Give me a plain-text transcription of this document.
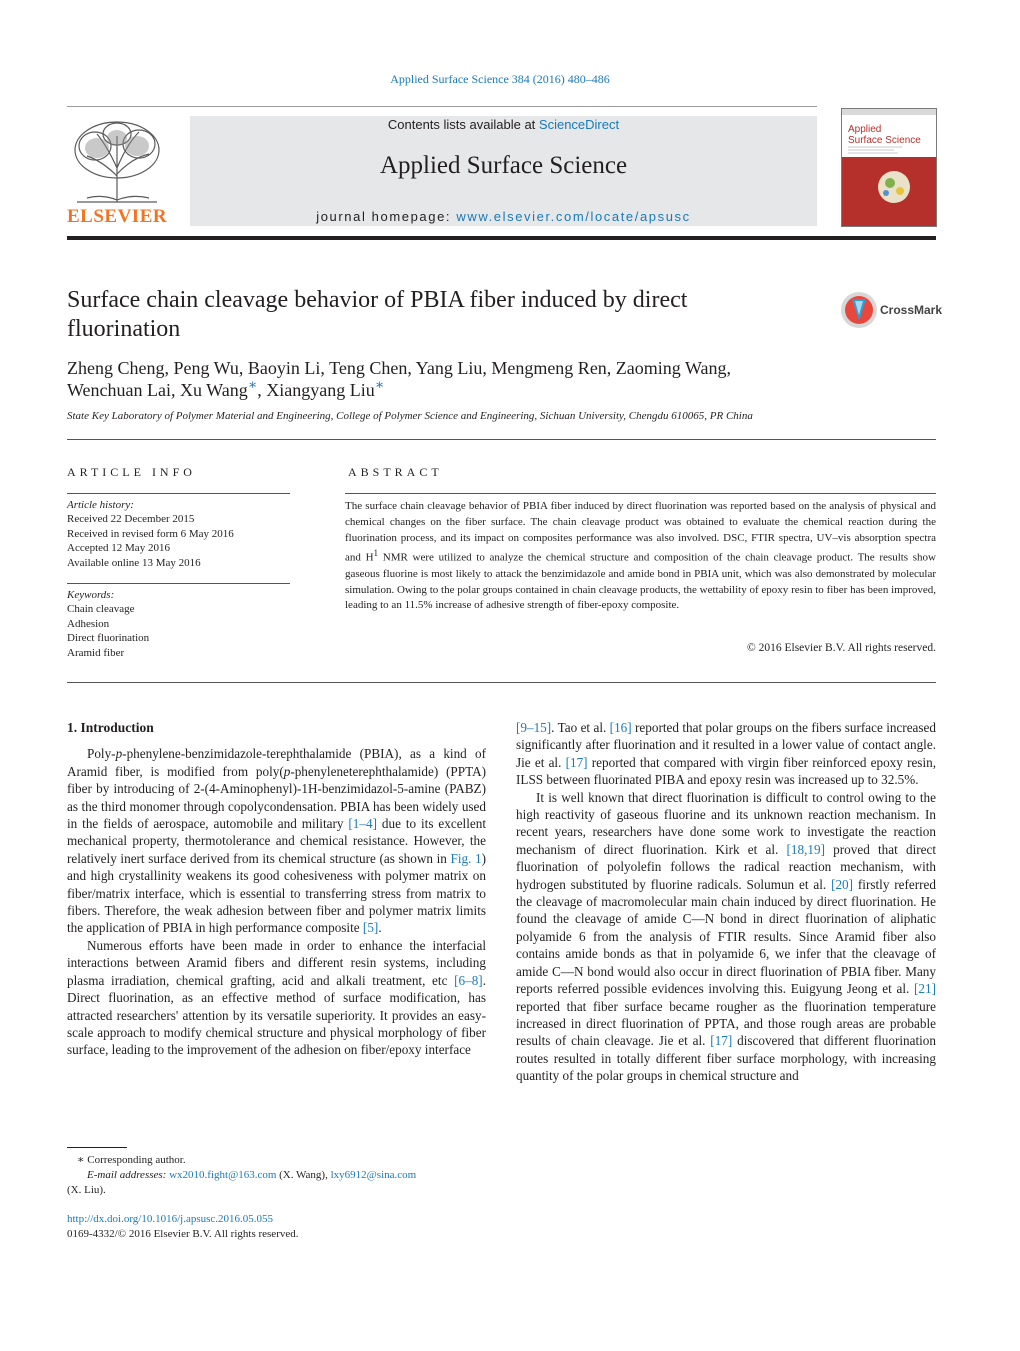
Applied Surface Science 384 (2016) 480–486
ELSEVIER
Contents lists available at ScienceDirect
Applied Surface Science
journal homepage: www.elsevier.com/locate/apsusc
Applied
Surface Science
Surface chain cleavage behavior of PBIA fiber induced by direct fluorination
CrossMark
Zheng Cheng, Peng Wu, Baoyin Li, Teng Chen, Yang Liu, Mengmeng Ren, Zaoming Wang,
Wenchuan Lai, Xu Wang∗, Xiangyang Liu∗
State Key Laboratory of Polymer Material and Engineering, College of Polymer Science and Engineering, Sichuan University, Chengdu 610065, PR China
ARTICLE INFO	ABSTRACT
Article history:
Received 22 December 2015
Received in revised form 6 May 2016
Accepted 12 May 2016
Available online 13 May 2016
Keywords:
Chain cleavage
Adhesion
Direct fluorination
Aramid fiber
The surface chain cleavage behavior of PBIA fiber induced by direct fluorination was reported based on the analysis of physical and chemical changes on the fiber surface. The chain cleavage product was obtained to evaluate the chemical reaction during the fluorination process, and its impact on composites performance was also involved. DSC, FTIR spectra, UV–vis absorption spectra and $H^1$ NMR were utilized to analyze the chemical structure and composition of the chain cleavage product. The results show gaseous fluorine is most likely to attack the benzimidazole and amide bond in PBIA unit, which was also demonstrated by molecular simulation. Owing to the polar groups contained in chain cleavage products, the wettability of epoxy resin to fiber has been improved, leading to an 11.5% increase of adhesive strength of fiber-epoxy composite.
© 2016 Elsevier B.V. All rights reserved.
1. Introduction

Poly-p-phenylene-benzimidazole-terephthalamide (PBIA), as a kind of Aramid fiber, is modified from poly(p-phenyleneterephthalamide) (PPTA) fiber by introducing of 2-(4-Aminophenyl)-1H-benzimidazol-5-amine (PABZ) as the third monomer through copolycondensation. PBIA has been widely used in the fields of aerospace, automobile and military [1–4] due to its excellent mechanical property, thermotolerance and chemical resistance. However, the relatively inert surface derived from its chemical structure (as shown in Fig. 1) and high crystallinity weakens its good cohesiveness with polymer matrix on fiber/matrix interface, which is essential to transferring stress from matrix to fibers. Therefore, the weak adhesion between fiber and polymer matrix limits the application of PBIA in high performance composite [5].

Numerous efforts have been made in order to enhance the interfacial interactions between Aramid fibers and different resin systems, including plasma irradiation, chemical grafting, acid and alkali treatment, etc [6–8]. Direct fluorination, as an effective method of surface modification, has attracted researchers' attention by its versatile superiority. It provides an easy-scale approach to modify chemical structure and physical morphology of fiber surface, leading to the improvement of the adhesion on fiber/epoxy interface

[9–15]. Tao et al. [16] reported that polar groups on the fibers surface increased significantly after fluorination and it resulted in a lower value of contact angle. Jie et al. [17] reported that compared with virgin fiber reinforced epoxy resin, ILSS between fluorinated PIBA and epoxy resin was increased up to 32.5%.

It is well known that direct fluorination is difficult to control owing to the high reactivity of gaseous fluorine and its unknown reaction mechanism. In recent years, researchers have done some work to investigate the reaction mechanism of direct fluorination. Kirk et al. [18,19] proved that direct fluorination of polyolefin follows the radical reaction mechanism, with hydrogen substituted by fluorine radicals. Solumun et al. [20] firstly referred the cleavage of macromolecular main chain induced by direct fluorination. He found the cleavage of amide C—N bond in direct fluorination of aliphatic polyamide 6 from the analysis of FTIR results. Since Aramid fiber also contains amide bonds as that in polyamide 6, we infer that the cleavage of amide C—N bond would also occur in direct fluorination of PBIA fiber. Many reports referred possible evidences involving this. Euigyung Jeong et al. [21] reported that fiber surface became rougher as the fluorination temperature increased in direct fluorination of PPTA, and those rough areas are probable results of chain cleavage. Jie et al. [17] discovered that different fluorination routes resulted in totally different fiber surface morphology, with increasing quantity of the polar groups in chemical structure and

∗ Corresponding author.
E-mail addresses: wx2010.fight@163.com (X. Wang), lxy6912@sina.com
(X. Liu).
http://dx.doi.org/10.1016/j.apsusc.2016.05.055
0169-4332/© 2016 Elsevier B.V. All rights reserved.
